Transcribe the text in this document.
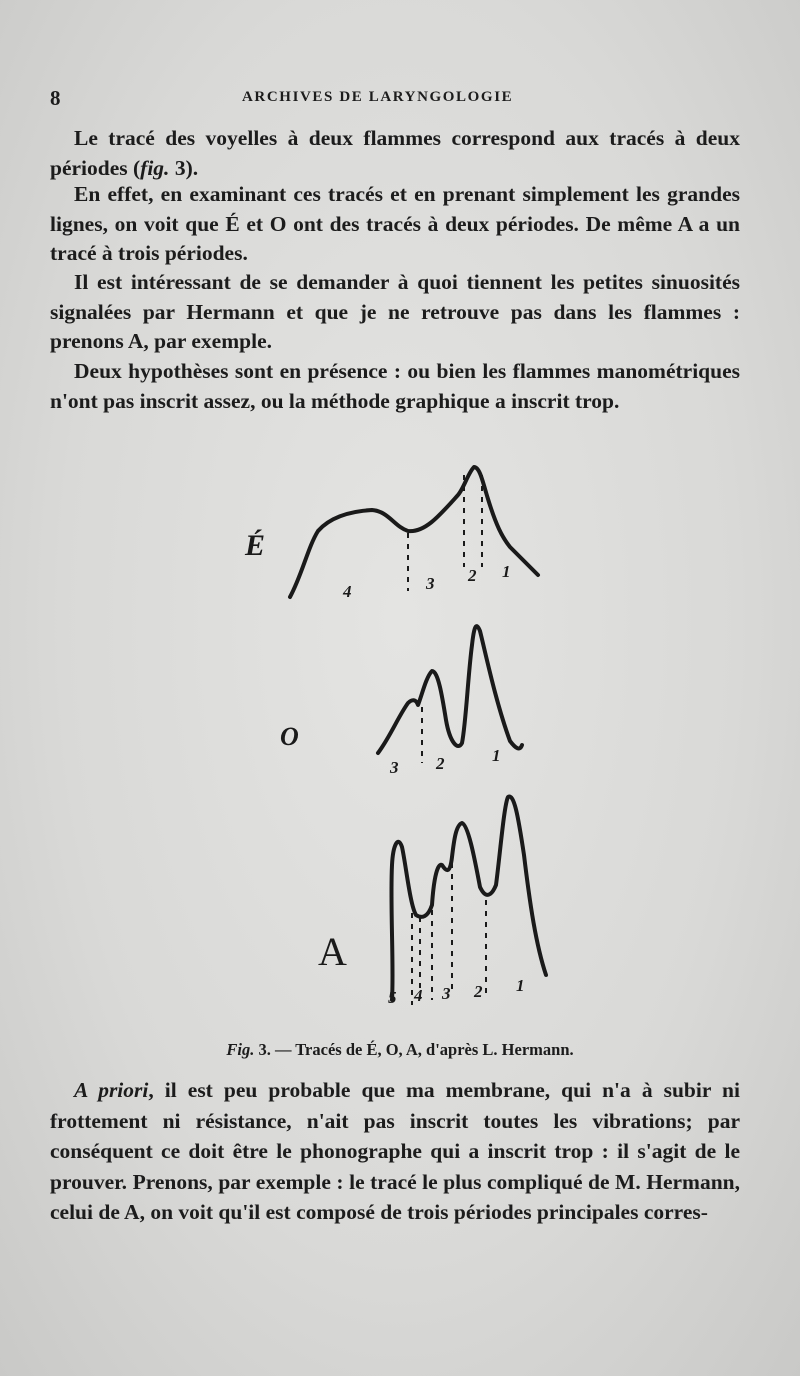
8	ARCHIVES DE LARYNGOLOGIE

Le tracé des voyelles à deux flammes correspond aux tracés à deux périodes (fig. 3).

En effet, en examinant ces tracés et en prenant simplement les grandes lignes, on voit que É et O ont des tracés à deux périodes. De même A a un tracé à trois périodes.

Il est intéressant de se demander à quoi tiennent les petites sinuosités signalées par Hermann et que je ne retrouve pas dans les flammes : prenons A, par exemple.

Deux hypothèses sont en présence : ou bien les flammes manométriques n'ont pas inscrit assez, ou la méthode graphique a inscrit trop.

É
4	3 2 1
O
3 2	1
A
5 4 3 2 1
Fig. 3. — Tracés de É, O, A, d'après L. Hermann.

A priori, il est peu probable que ma membrane, qui n'a à subir ni frottement ni résistance, n'ait pas inscrit toutes les vibrations; par conséquent ce doit être le phonographe qui a inscrit trop : il s'agit de le prouver. Prenons, par exemple : le tracé le plus compliqué de M. Hermann, celui de A, on voit qu'il est composé de trois périodes principales corres-
